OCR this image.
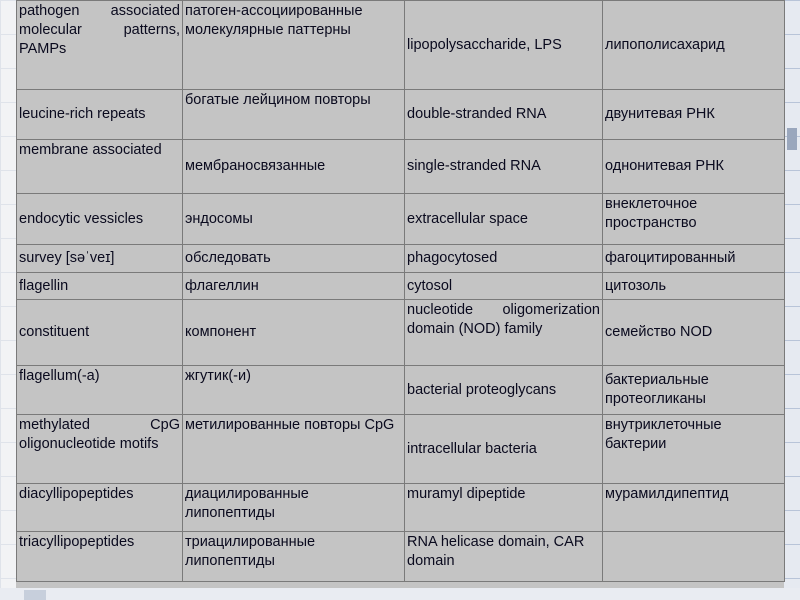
pathogen associated molecular patterns, PAMPs	патоген-ассоциированные молекулярные паттерны	lipopolysaccharide, LPS	липополисахарид
leucine-rich repeats	богатые лейцином повторы	double-stranded RNA	двунитевая РНК
membrane associated	мембраносвязанные	single-stranded RNA	однонитевая РНК
endocytic vessicles	эндосомы	extracellular space	внеклеточное пространство
survey [səˈveɪ]	обследовать	phagocytosed	фагоцитированный
flagellin	флагеллин	cytosol	цитозоль
constituent	компонент	nucleotide oligomerization domain (NOD) family	семейство NOD
flagellum(-a)	жгутик(-и)	bacterial proteoglycans	бактериальные протеогликаны
methylated CpG oligonucleotide motifs	метилированные повторы CpG	intracellular bacteria	внутриклеточные бактерии
diacyllipopeptides	диацилированные липопептиды	muramyl dipeptide	мурамилдипептид
triacyllipopeptides	триацилированные липопептиды	RNA helicase domain, CAR domain	
